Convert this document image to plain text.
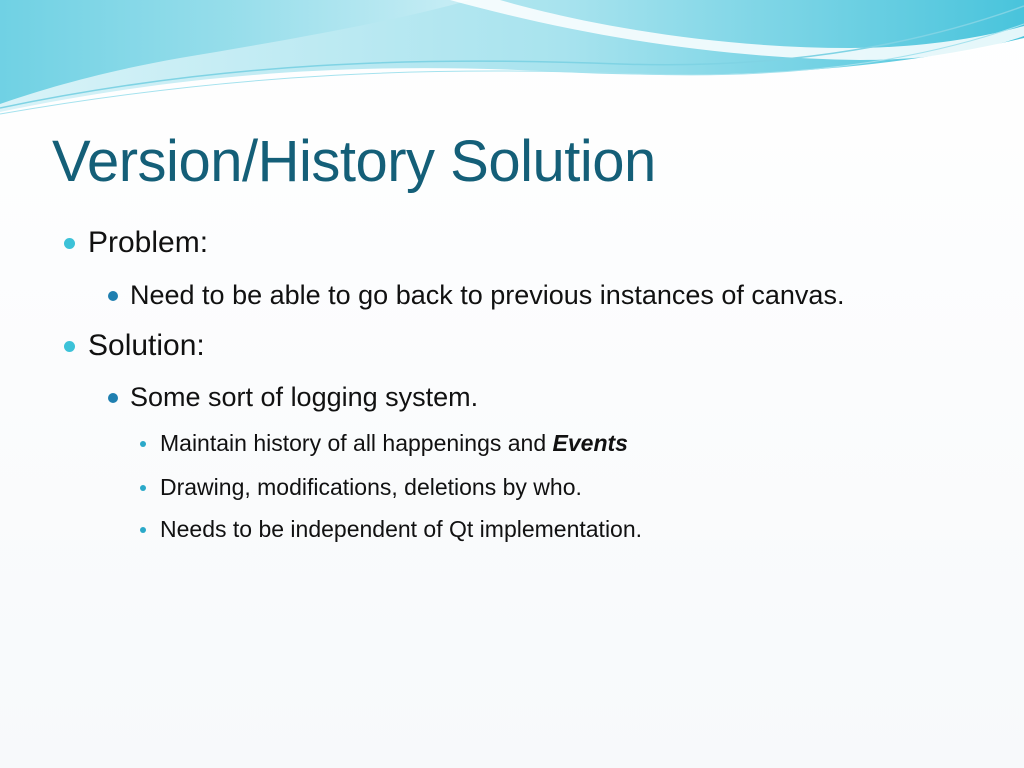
Version/History Solution
Problem:
Need to be able to go back to previous instances of canvas.
Solution:
Some sort of logging system.
Maintain history of all happenings and Events
Drawing, modifications, deletions by who.
Needs to be independent of Qt implementation.
